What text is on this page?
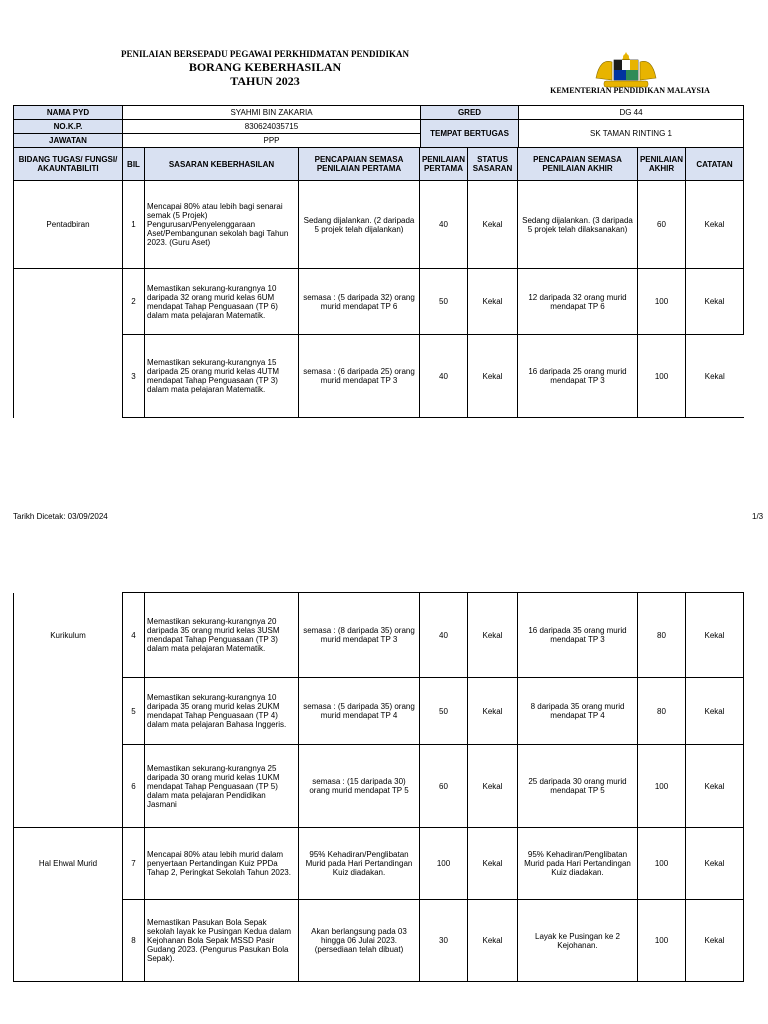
PENILAIAN BERSEPADU PEGAWAI PERKHIDMATAN PENDIDIKAN
BORANG KEBERHASILAN
TAHUN 2023
KEMENTERIAN PENDIDIKAN MALAYSIA
NAMA PYD	SYAHMI BIN ZAKARIA	GRED	DG 44
NO.K.P.	830624035715	TEMPAT BERTUGAS	SK TAMAN RINTING 1
JAWATAN	PPP		
BIDANG TUGAS/ FUNGSI/ AKAUNTABILITI	BIL	SASARAN KEBERHASILAN	PENCAPAIAN SEMASA PENILAIAN PERTAMA	PENILAIAN PERTAMA	STATUS SASARAN	PENCAPAIAN SEMASA PENILAIAN AKHIR	PENILAIAN AKHIR	CATATAN
Pentadbiran	1	Mencapai 80% atau lebih bagi senarai semak (5 Projek) Pengurusan/Penyelenggaraan Aset/Pembangunan sekolah bagi Tahun 2023. (Guru Aset)	Sedang dijalankan. (2 daripada 5 projek telah dijalankan)	40	Kekal	Sedang dijalankan. (3 daripada 5 projek telah dilaksanakan)	60	Kekal
	2	Memastikan sekurang-kurangnya 10 daripada 32 orang murid kelas 6UM mendapat Tahap Penguasaan (TP 6) dalam mata pelajaran Matematik.	semasa : (5 daripada 32) orang murid mendapat TP 6	50	Kekal	12 daripada 32 orang murid mendapat TP 6	100	Kekal
	3	Memastikan sekurang-kurangnya 15 daripada 25 orang murid kelas 4UTM mendapat Tahap Penguasaan (TP 3) dalam mata pelajaran Matematik.	semasa : (6 daripada 25) orang murid mendapat TP 3	40	Kekal	16 daripada 25 orang murid mendapat TP 3	100	Kekal
Tarikh Dicetak: 03/09/2024	1/3
Kurikulum	4	Memastikan sekurang-kurangnya 20 daripada 35 orang murid kelas 3USM mendapat Tahap Penguasaan (TP 3) dalam mata pelajaran Matematik.	semasa : (8 daripada 35) orang murid mendapat TP 3	40	Kekal	16 daripada 35 orang murid mendapat TP 3	80	Kekal
	5	Memastikan sekurang-kurangnya 10 daripada 35 orang murid kelas 2UKM mendapat Tahap Penguasaan (TP 4) dalam mata pelajaran Bahasa Inggeris.	semasa : (5 daripada 35) orang murid mendapat TP 4	50	Kekal	8 daripada 35 orang murid mendapat TP 4	80	Kekal
	6	Memastikan sekurang-kurangnya 25 daripada 30 orang murid kelas 1UKM mendapat Tahap Penguasaan (TP 5) dalam mata pelajaran Pendidikan Jasmani	semasa : (15 daripada 30) orang murid mendapat TP 5	60	Kekal	25 daripada 30 orang murid mendapat TP 5	100	Kekal
Hal Ehwal Murid	7	Mencapai 80% atau lebih murid dalam penyertaan Pertandingan Kuiz PPDa Tahap 2, Peringkat Sekolah Tahun 2023.	95% Kehadiran/Penglibatan Murid pada Hari Pertandingan Kuiz diadakan.	100	Kekal	95% Kehadiran/Penglibatan Murid pada Hari Pertandingan Kuiz diadakan.	100	Kekal
	8	Memastikan Pasukan Bola Sepak sekolah layak ke Pusingan Kedua dalam Kejohanan Bola Sepak MSSD Pasir Gudang 2023. (Pengurus Pasukan Bola Sepak).	Akan berlangsung pada 03 hingga 06 Julai 2023. (persediaan telah dibuat)	30	Kekal	Layak ke Pusingan ke 2 Kejohanan.	100	Kekal
